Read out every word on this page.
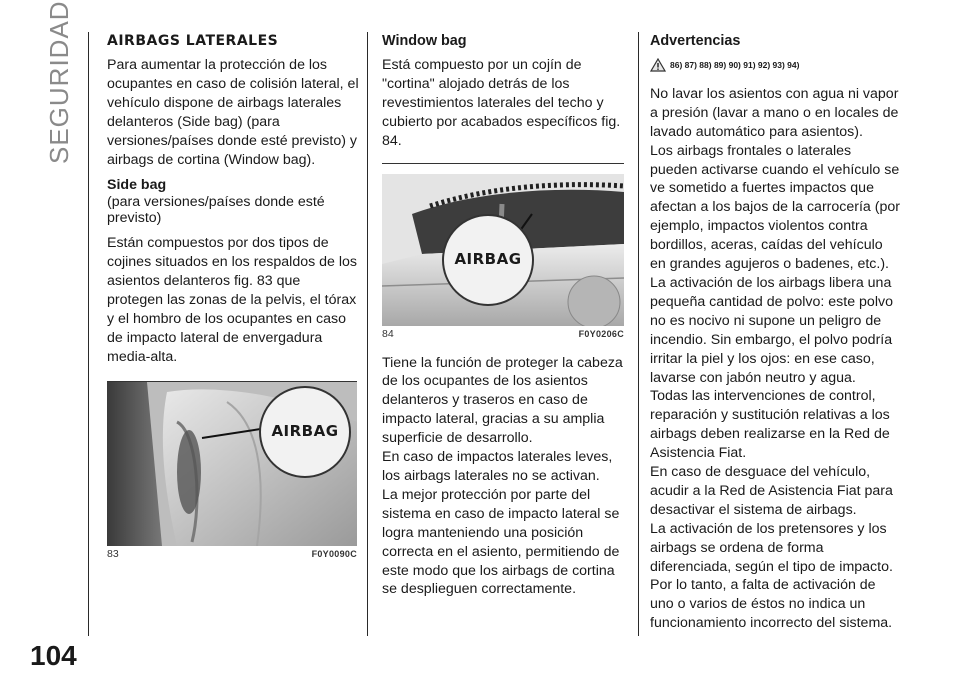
SEGURIDAD
104
AIRBAGS LATERALES

Para aumentar la protección de los ocupantes en caso de colisión lateral, el vehículo dispone de airbags laterales delanteros (Side bag) (para versiones/países donde esté previsto) y airbags de cortina (Window bag).

Side bag
(para versiones/países donde esté previsto)

Están compuestos por dos tipos de cojines situados en los respaldos de los asientos delanteros fig. 83 que protegen las zonas de la pelvis, el tórax y el hombro de los ocupantes en caso de impacto lateral de envergadura media-alta.

AIRBAG
83	F0Y0090C
Window bag

Está compuesto por un cojín de "cortina" alojado detrás de los revestimientos laterales del techo y cubierto por acabados específicos fig. 84.

AIRBAG
84	F0Y0206C

Tiene la función de proteger la cabeza de los ocupantes de los asientos delanteros y traseros en caso de impacto lateral, gracias a su amplia superficie de desarrollo.
En caso de impactos laterales leves, los airbags laterales no se activan.
La mejor protección por parte del sistema en caso de impacto lateral se logra manteniendo una posición correcta en el asiento, permitiendo de este modo que los airbags de cortina se desplieguen correctamente.

Advertencias
86) 87) 88) 89) 90) 91) 92) 93) 94)

No lavar los asientos con agua ni vapor a presión (lavar a mano o en locales de lavado automático para asientos).
Los airbags frontales o laterales pueden activarse cuando el vehículo se ve sometido a fuertes impactos que afectan a los bajos de la carrocería (por ejemplo, impactos violentos contra bordillos, aceras, caídas del vehículo en grandes agujeros o badenes, etc.).
La activación de los airbags libera una pequeña cantidad de polvo: este polvo no es nocivo ni supone un peligro de incendio. Sin embargo, el polvo podría irritar la piel y los ojos: en ese caso, lavarse con jabón neutro y agua.
Todas las intervenciones de control, reparación y sustitución relativas a los airbags deben realizarse en la Red de Asistencia Fiat.
En caso de desguace del vehículo, acudir a la Red de Asistencia Fiat para desactivar el sistema de airbags.
La activación de los pretensores y los airbags se ordena de forma diferenciada, según el tipo de impacto. Por lo tanto, a falta de activación de uno o varios de éstos no indica un funcionamiento incorrecto del sistema.
